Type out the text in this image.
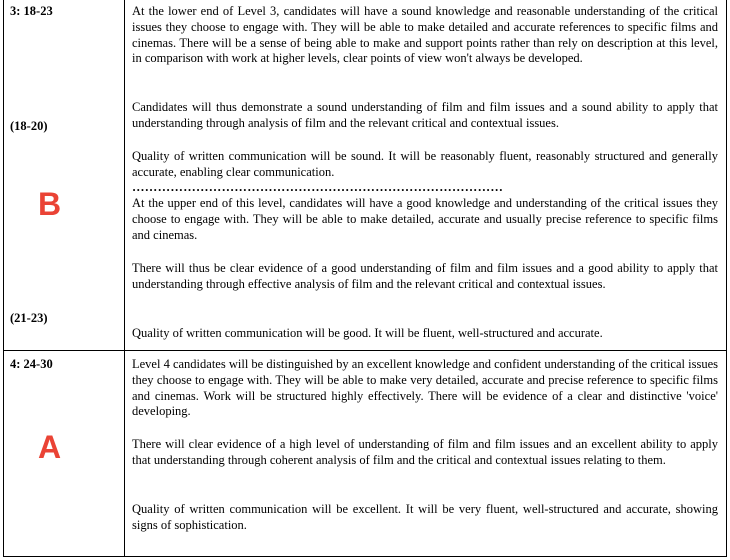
3: 18-23
(18-20)
B
(21-23)

At the lower end of Level 3, candidates will have a sound knowledge and reasonable understanding of the critical issues they choose to engage with. They will be able to make detailed and accurate references to specific films and cinemas. There will be a sense of being able to make and support points rather than rely on description at this level, in comparison with work at higher levels, clear points of view won't always be developed.

Candidates will thus demonstrate a sound understanding of film and film issues and a sound ability to apply that understanding through analysis of film and the relevant critical and contextual issues.

Quality of written communication will be sound. It will be reasonably fluent, reasonably structured and generally accurate, enabling clear communication.

……………………………………………………………………………

At the upper end of this level, candidates will have a good knowledge and understanding of the critical issues they choose to engage with. They will be able to make detailed, accurate and usually precise reference to specific films and cinemas.

There will thus be clear evidence of a good understanding of film and film issues and a good ability to apply that understanding through effective analysis of film and the relevant critical and contextual issues.

Quality of written communication will be good. It will be fluent, well-structured and accurate.

4: 24-30
A

Level 4 candidates will be distinguished by an excellent knowledge and confident understanding of the critical issues they choose to engage with. They will be able to make very detailed, accurate and precise reference to specific films and cinemas. Work will be structured highly effectively. There will be evidence of a clear and distinctive 'voice' developing.

There will clear evidence of a high level of understanding of film and film issues and an excellent ability to apply that understanding through coherent analysis of film and the critical and contextual issues relating to them.

Quality of written communication will be excellent. It will be very fluent, well-structured and accurate, showing signs of sophistication.
